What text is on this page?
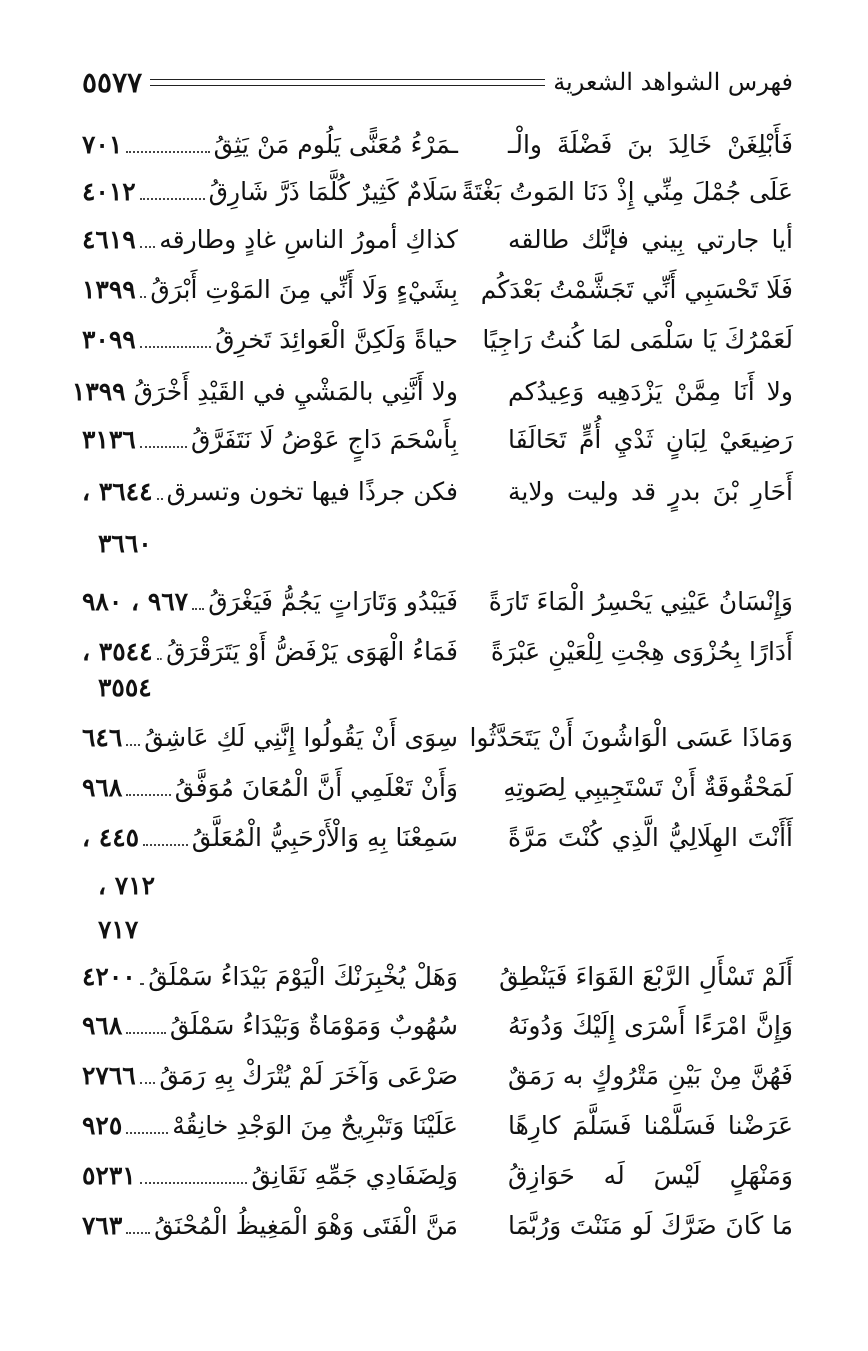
فهرس الشواهد الشعرية
٥٥٧٧
فَأَبْلِغَنْ خَالِدَ بنَ فَضْلَةَ والْـ
ـمَرْءُ مُعَنًّى يَلُوم مَنْ يَثِقُ
٧٠١
عَلَى جُمْلَ مِنِّي إِذْ دَنَا المَوتُ بَغْتَةً
سَلَامٌ كَثِيرٌ كُلَّمَا ذَرَّ شَارِقُ
٤٠١٢
أيا جارتي بِيني فإنَّك طالقه
كذاكِ أمورُ الناسِ غادٍ وطارقه
٤٦١٩
فَلَا تَحْسَبِي أَنِّي تَجَشَّمْتُ بَعْدَكُم
بِشَيْءٍ وَلَا أَنِّي مِنَ المَوْتِ أَبْرَقُ
١٣٩٩
لَعَمْرُكَ يَا سَلْمَى لمَا كُنتُ رَاجِيًا
حياةً وَلَكِنَّ الْعَوائِدَ تَخرِقُ
٣٠٩٩
ولا أَنَا مِمَّنْ يَزْدَهِيه وَعِيدُكم
ولا أَنَّنِي بالمَشْيِ في القَيْدِ أَخْرَقُ
١٣٩٩
رَضِيعَيْ لِبَانٍ ثَدْيِ أُمٍّ تَحَالَفَا
بِأَسْحَمَ دَاجٍ عَوْضُ لَا نَتَفَرَّقُ
٣١٣٦
أَحَارِ بْنَ بدرٍ قد وليت ولاية
فكن جرذًا فيها تخون وتسرق
٣٦٤٤ ،
٣٦٦٠
وَإِنْسَانُ عَيْنِي يَحْسِرُ الْمَاءَ تَارَةً
فَيَبْدُو وَتَارَاتٍ يَجُمُّ فَيَغْرَقُ
٩٦٧ ، ٩٨٠
أَدَارًا بِحُزْوَى هِجْتِ لِلْعَيْنِ عَبْرَةً
فَمَاءُ الْهَوَى يَرْفَضُّ أَوْ يَتَرَقْرَقُ
٣٥٤٤ ،
٣٥٥٤
وَمَاذَا عَسَى الْوَاشُونَ أَنْ يَتَحَدَّثُوا
سِوَى أَنْ يَقُولُوا إِنَّنِي لَكِ عَاشِقُ
٦٤٦
لَمَحْقُوقَةٌ أَنْ تَسْتَجِيبِي لِصَوتِهِ
وَأَنْ تَعْلَمِي أَنَّ الْمُعَانَ مُوَفَّقُ
٩٦٨
أَأَنْتَ الهِلَالِيُّ الَّذِي كُنْتَ مَرَّةً
سَمِعْنَا بِهِ وَالْأَرْحَبِيُّ الْمُعَلَّقُ
٤٤٥ ،
٧١٢ ،
٧١٧
أَلَمْ تَسْأَلِ الرَّبْعَ القَوَاءَ فَيَنْطِقُ
وَهَلْ يُخْبِرَنْكَ الْيَوْمَ بَيْدَاءُ سَمْلَقُ
٤٢٠٠
وَإِنَّ امْرَءًا أَسْرَى إِلَيْكَ وَدُونَهُ
سُهُوبٌ وَمَوْمَاةٌ وَبَيْدَاءُ سَمْلَقُ
٩٦٨
فَهُنَّ مِنْ بَيْنِ مَتْرُوكٍ به رَمَقٌ
صَرْعَى وَآخَرَ لَمْ يُتْرَكْ بِهِ رَمَقُ
٢٧٦٦
عَرَضْنا فَسَلَّمْنا فَسَلَّمَ كارِهًا
عَلَيْنَا وَتَبْرِيحٌ مِنَ الوَجْدِ خانِقُهْ
٩٢٥
وَمَنْهَلٍ لَيْسَ لَه حَوَازِقُ
وَلِضَفَادِي جَمِّهِ نَقَانِقُ
٥٢٣١
مَا كَانَ ضَرَّكَ لَو مَنَنْتَ وَرُبَّمَا
مَنَّ الْفَتَى وَهْوَ الْمَغِيظُ الْمُحْنَقُ
٧٦٣
